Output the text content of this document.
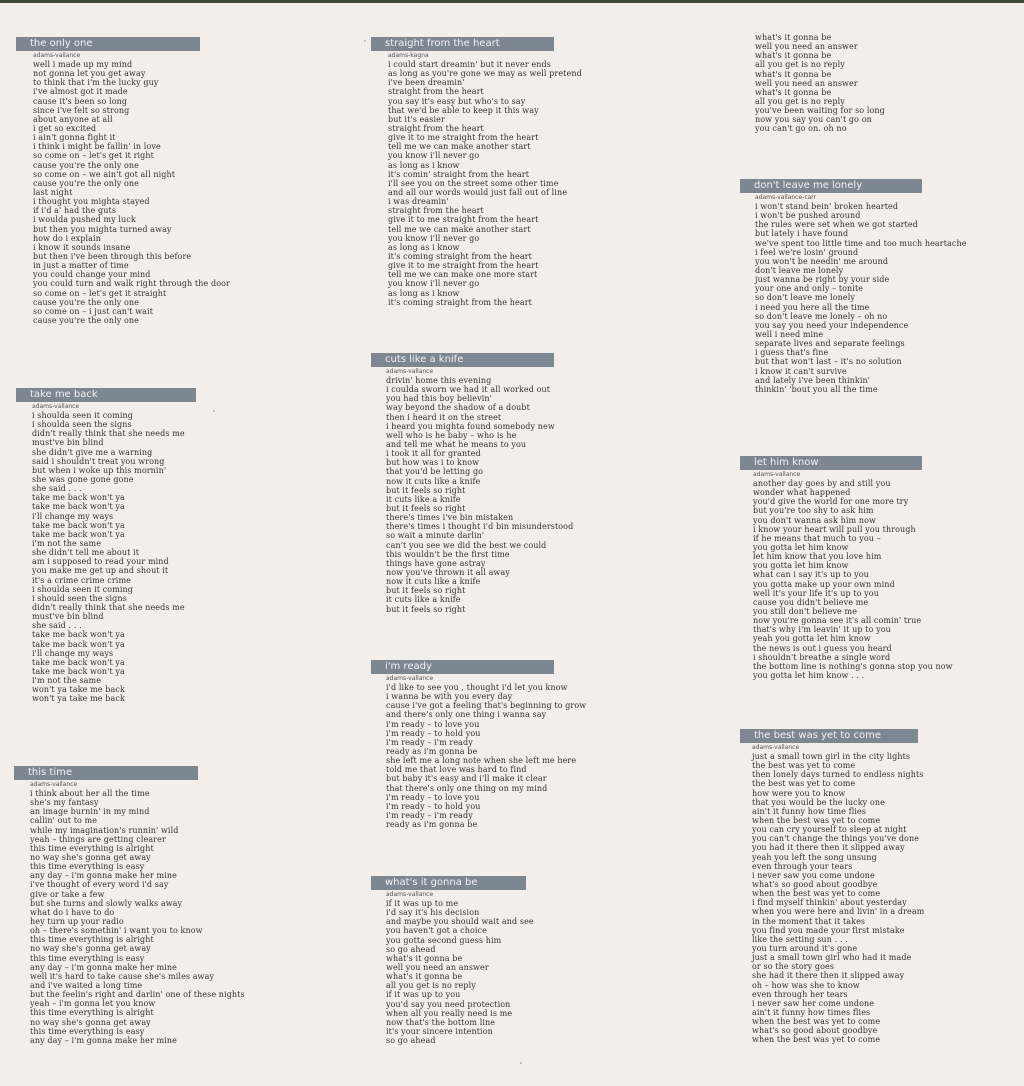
the only one
adams-vallance
well i made up my mind
not gonna let you get away
to think that i'm the lucky guy
i've almost got it made
cause it's been so long
since i've felt so strong
about anyone at all
i get so excited
i ain't gonna fight it
i think i might be fallin' in love
so come on – let's get it right
cause you're the only one
so come on – we ain't got all night
cause you're the only one
last night
i thought you mighta stayed
if i'd a' had the guts
i woulda pushed my luck
but then you mighta turned away
how do i explain
i know it sounds insane
but then i've been through this before
in just a matter of time
you could change your mind
you could turn and walk right through the door
so come on – let's get it straight
cause you're the only one
so come on – i just can't wait
cause you're the only one
take me back
adams-vallance
i shoulda seen it coming
i shoulda seen the signs
didn't really think that she needs me
must've bin blind
she didn't give me a warning
said i shouldn't treat you wrong
but when i woke up this mornin'
she was gone gone gone
she said . . .
take me back won't ya
take me back won't ya
i'll change my ways
take me back won't ya
take me back won't ya
i'm not the same
she didn't tell me about it
am i supposed to read your mind
you make me get up and shout it
it's a crime crime crime
i shoulda seen it coming
i should seen the signs
didn't really think that she needs me
must've bin blind
she said . . .
take me back won't ya
take me back won't ya
i'll change my ways
take me back won't ya
take me back won't ya
i'm not the same
won't ya take me back
won't ya take me back
this time
adams-vallance
i think about her all the time
she's my fantasy
an image burnin' in my mind
callin' out to me
while my imagination's runnin' wild
yeah – things are getting clearer
this time everything is alright
no way she's gonna get away
this time everything is easy
any day – i'm gonna make her mine
i've thought of every word i'd say
give or take a few
but she turns and slowly walks away
what do i have to do
hey turn up your radio
oh – there's somethin' i want you to know
this time everything is alright
no way she's gonna get away
this time everything is easy
any day – i'm gonna make her mine
well it's hard to take cause she's miles away
and i've waited a long time
but the feelin's right and darlin' one of these nights
yeah – i'm gonna let you know
this time everything is alright
no way she's gonna get away
this time everything is easy
any day – i'm gonna make her mine
straight from the heart
adams-kagna
i could start dreamin' but it never ends
as long as you're gone we may as well pretend
i've been dreamin'
straight from the heart
you say it's easy but who's to say
that we'd be able to keep it this way
but it's easier
straight from the heart
give it to me straight from the heart
tell me we can make another start
you know i'll never go
as long as i know
it's comin' straight from the heart
i'll see you on the street some other time
and all our words would just fall out of line
i was dreamin'
straight from the heart
give it to me straight from the heart
tell me we can make another start
you know i'll never go
as long as i know
it's coming straight from the heart
give it to me straight from the heart
tell me we can make one more start
you know i'll never go
as long as i know
it's coming straight from the heart
cuts like a knife
adams-vallance
drivin' home this evening
i coulda sworn we had it all worked out
you had this boy believin'
way beyond the shadow of a doubt
then i heard it on the street
i heard you mighta found somebody new
well who is he baby – who is he
and tell me what he means to you
i took it all for granted
but how was i to know
that you'd be letting go
now it cuts like a knife
but it feels so right
it cuts like a knife
but it feels so right
there's times i've bin mistaken
there's times i thought i'd bin misunderstood
so wait a minute darlin'
can't you see we did the best we could
this wouldn't be the first time
things have gone astray
now you've thrown it all away
now it cuts like a knife
but it feels so right
it cuts like a knife
but it feels so right
i'm ready
adams-vallance
i'd like to see you , thought i'd let you know
i wanna be with you every day
cause i've got a feeling that's beginning to grow
and there's only one thing i wanna say
i'm ready – to love you
i'm ready – to hold you
i'm ready – i'm ready
ready as i'm gonna be
she left me a long note when she left me here
told me that love was hard to find
but baby it's easy and i'll make it clear
that there's only one thing on my mind
i'm ready – to love you
i'm ready – to hold you
i'm ready – i'm ready
ready as i'm gonna be
what's it gonna be
adams-vallance
if it was up to me
i'd say it's his decision
and maybe you should wait and see
you haven't got a choice
you gotta second guess him
so go ahead
what's it gonna be
well you need an answer
what's it gonna be
all you get is no reply
if it was up to you
you'd say you need protection
when all you really need is me
now that's the bottom line
it's your sincere intention
so go ahead
what's it gonna be
well you need an answer
what's it gonna be
all you get is no reply
what's it gonna be
well you need an answer
what's it gonna be
all you get is no reply
you've been waiting for so long
now you say you can't go on
you can't go on. oh no
don't leave me lonely
adams-vallance-carr
i won't stand bein' broken hearted
i won't be pushed around
the rules were set when we got started
but lately i have found
we've spent too little time and too much heartache
i feel we're losin' ground
you won't be needin' me around
don't leave me lonely
just wanna be right by your side
your one and only – tonite
so don't leave me lonely
i need you here all the time
so don't leave me lonely – oh no
you say you need your independence
well i need mine
separate lives and separate feelings
i guess that's fine
but that won't last – it's no solution
i know it can't survive
and lately i've been thinkin'
thinkin' 'bout you all the time
let him know
adams-vallance
another day goes by and still you
wonder what happened
you'd give the world for one more try
but you're too shy to ask him
you don't wanna ask him now
i know your heart will pull you through
if he means that much to you –
you gotta let him know
let him know that you love him
you gotta let him know
what can i say it's up to you
you gotta make up your own mind
well it's your life it's up to you
cause you didn't believe me
you still don't believe me
now you're gonna see it's all comin' true
that's why i'm leavin' it up to you
yeah you gotta let him know
the news is out i guess you heard
i shouldn't breathe a single word
the bottom line is nothing's gonna stop you now
you gotta let him know . . .
the best was yet to come
adams-vallance
just a small town girl in the city lights
the best was yet to come
then lonely days turned to endless nights
the best was yet to come
how were you to know
that you would be the lucky one
ain't it funny how time flies
when the best was yet to come
you can cry yourself to sleep at night
you can't change the things you've done
you had it there then it slipped away
yeah you left the song unsung
even through your tears
i never saw you come undone
what's so good about goodbye
when the best was yet to come
i find myself thinkin' about yesterday
when you were here and livin' in a dream
in the moment that it takes
you find you made your first mistake
like the setting sun . . .
you turn around it's gone
just a small town girl who had it made
or so the story goes
she had it there then it slipped away
oh – how was she to know
even through her tears
i never saw her come undone
ain't it funny how times flies
when the best was yet to come
what's so good about goodbye
when the best was yet to come
